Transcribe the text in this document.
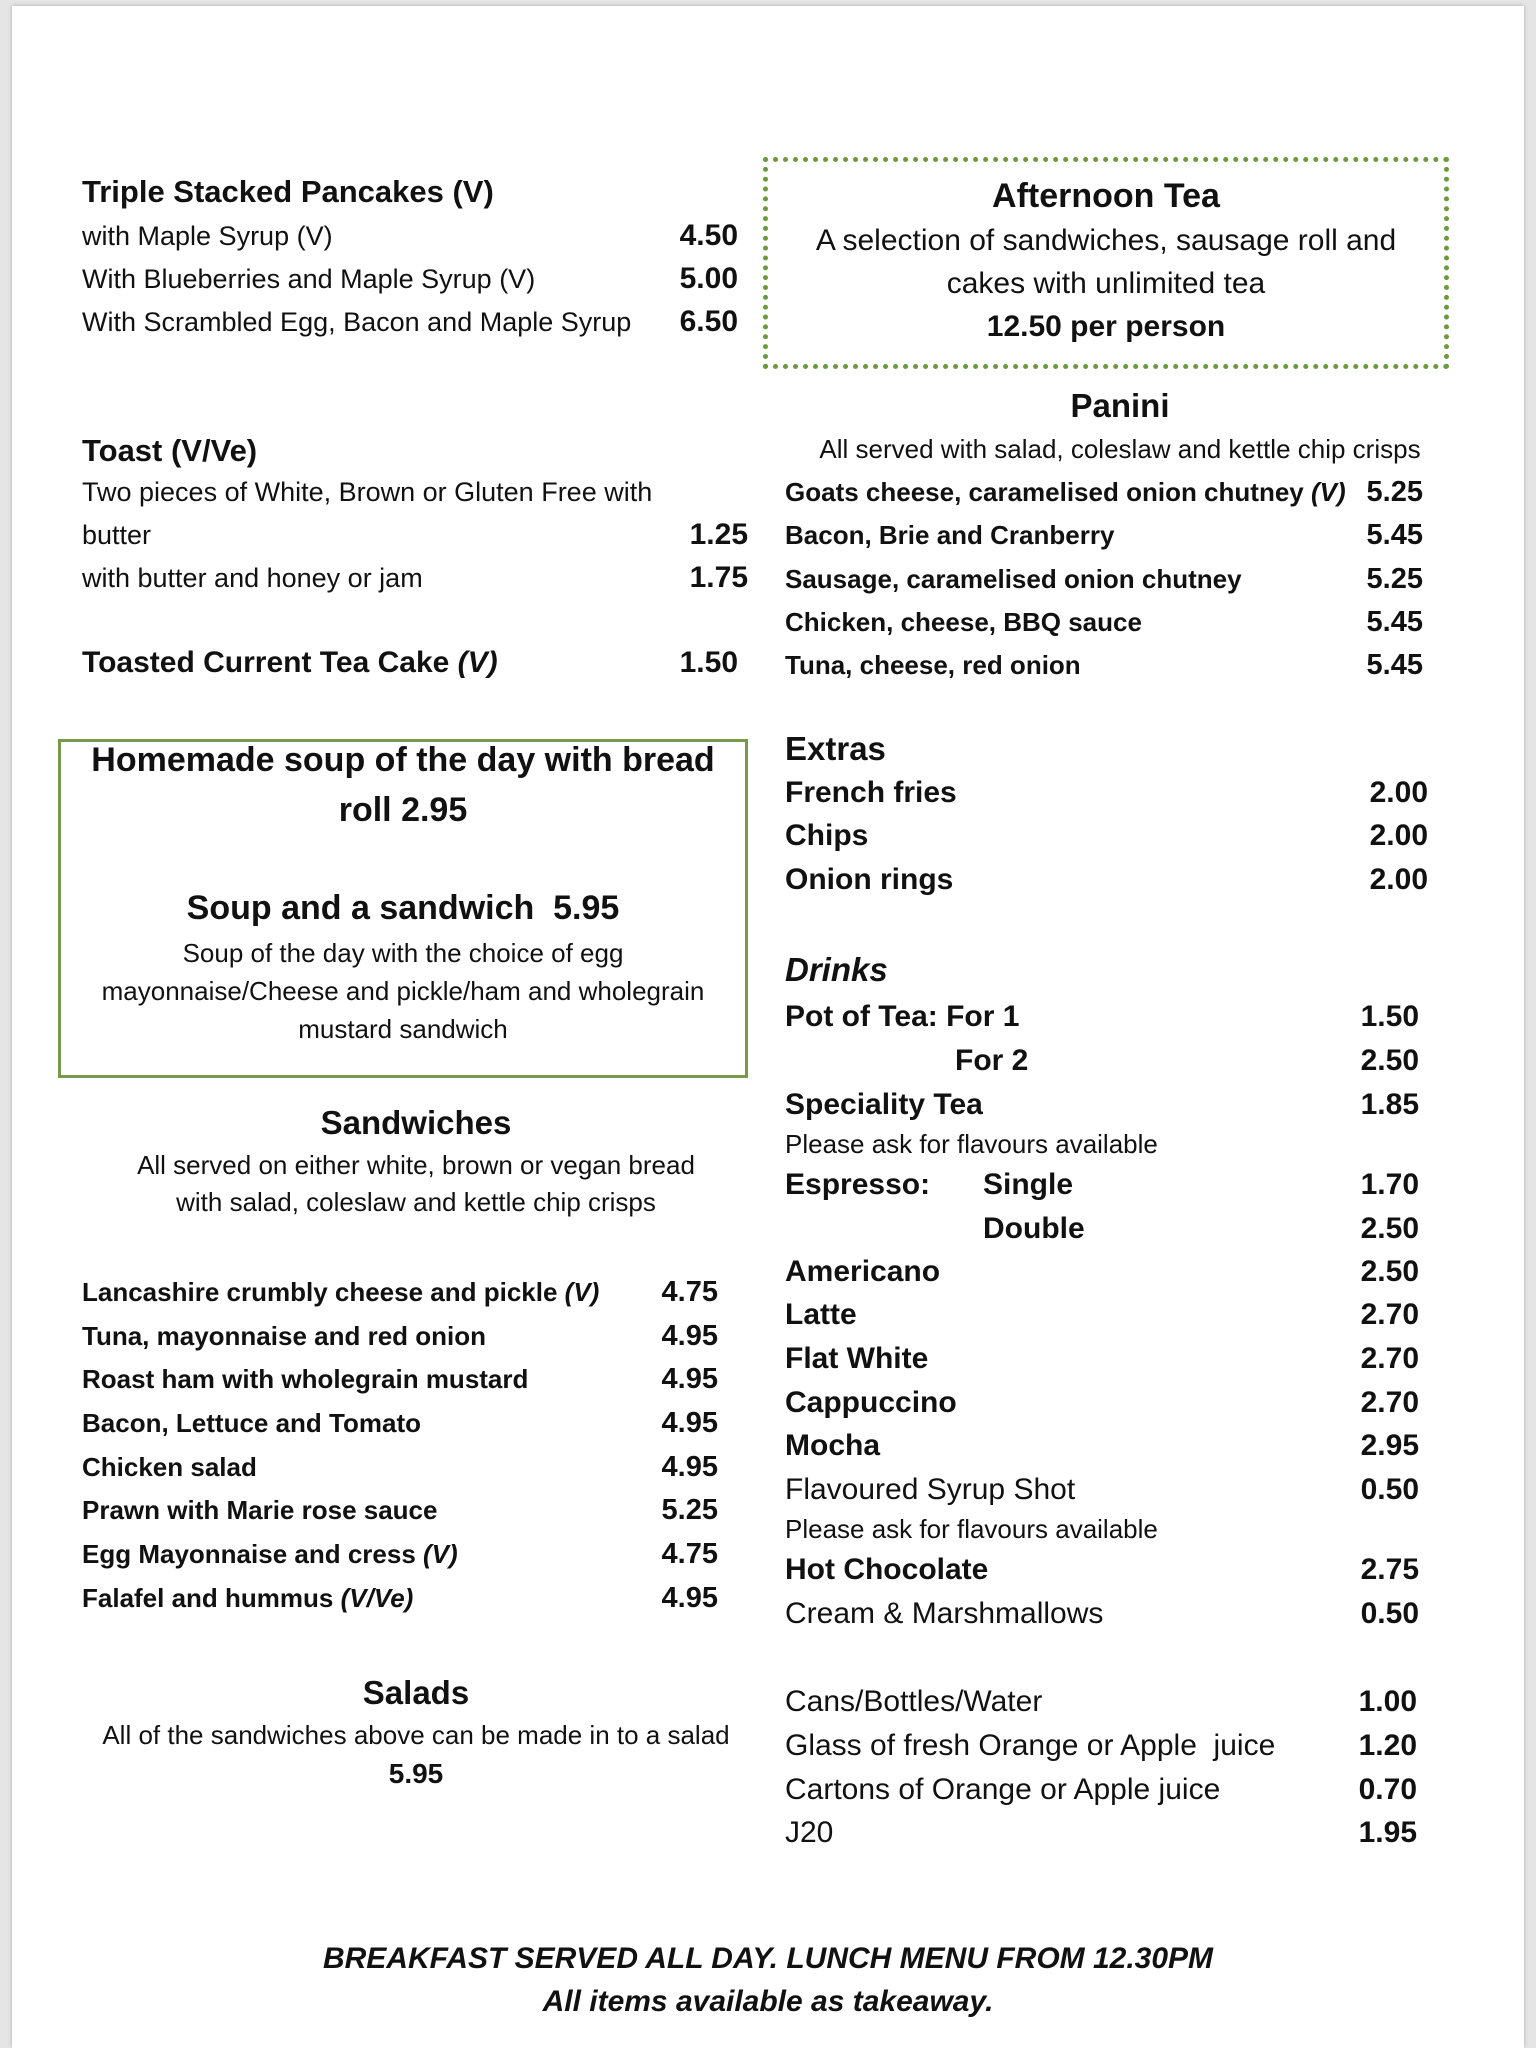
Triple Stacked Pancakes (V)
with Maple Syrup (V)	4.50
With Blueberries and Maple Syrup (V)	5.00
With Scrambled Egg, Bacon and Maple Syrup 6.50
Toast (V/Ve)
Two pieces of White, Brown or Gluten Free with
butter	1.25
with butter and honey or jam	1.75
Toasted Current Tea Cake (V)	1.50
Homemade soup of the day with bread
roll 2.95
Soup and a sandwich  5.95
Soup of the day with the choice of egg
mayonnaise/Cheese and pickle/ham and wholegrain
mustard sandwich
Sandwiches
All served on either white, brown or vegan bread
with salad, coleslaw and kettle chip crisps
Lancashire crumbly cheese and pickle (V) 4.75
Tuna, mayonnaise and red onion	4.95
Roast ham with wholegrain mustard	4.95
Bacon, Lettuce and Tomato	4.95
Chicken salad	4.95
Prawn with Marie rose sauce	5.25
Egg Mayonnaise and cress (V)	4.75
Falafel and hummus (V/Ve)	4.95
Salads
All of the sandwiches above can be made in to a salad
5.95
Afternoon Tea
A selection of sandwiches, sausage roll and
cakes with unlimited tea
12.50 per person
Panini
All served with salad, coleslaw and kettle chip crisps
Goats cheese, caramelised onion chutney (V) 5.25
Bacon, Brie and Cranberry	5.45
Sausage, caramelised onion chutney	5.25
Chicken, cheese, BBQ sauce	5.45
Tuna, cheese, red onion	5.45
Extras
French fries	2.00
Chips	2.00
Onion rings	2.00
Drinks
Pot of Tea: For 1	1.50
For 2	2.50
Speciality Tea	1.85
Please ask for flavours available
Espresso: Single	1.70
Double	2.50
Americano	2.50
Latte	2.70
Flat White	2.70
Cappuccino	2.70
Mocha	2.95
Flavoured Syrup Shot	0.50
Please ask for flavours available
Hot Chocolate	2.75
Cream & Marshmallows	0.50
Cans/Bottles/Water	1.00
Glass of fresh Orange or Apple  juice	1.20
Cartons of Orange or Apple juice	0.70
J20	1.95
BREAKFAST SERVED ALL DAY. LUNCH MENU FROM 12.30PM
All items available as takeaway.
